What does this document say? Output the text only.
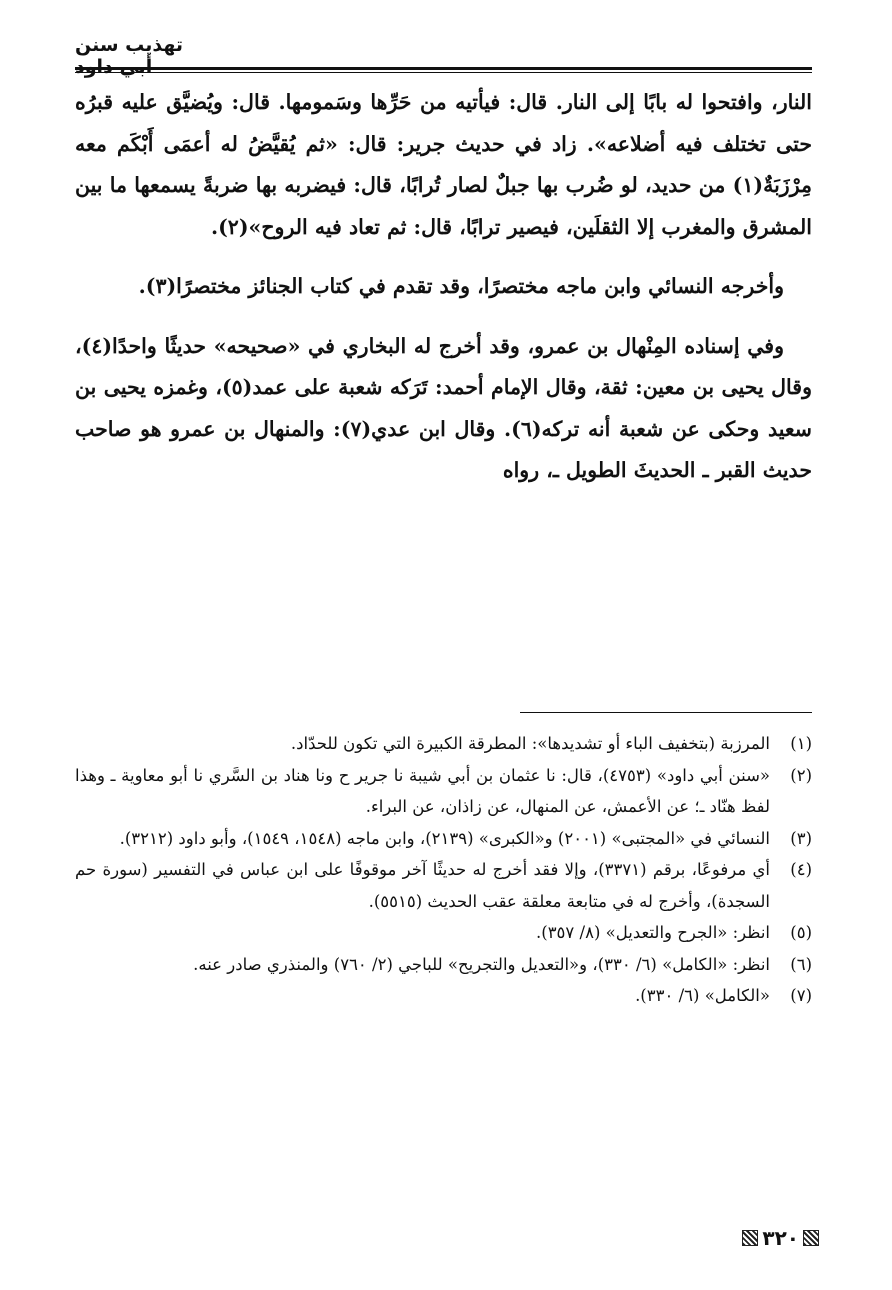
تهذيب سنن

النار، وافتحوا له بابًا إلى النار. قال: فيأتيه من حَرِّها وسَمومها. قال: ويُضيَّق عليه قبرُه حتى تختلف فيه أضلاعه». زاد في حديث جرير: قال: «ثم يُقيَّضُ له أعمَى أَبْكَم معه مِرْزَبَةٌ(١) من حديد، لو ضُرب بها جبلٌ لصار تُرابًا، قال: فيضربه بها ضربةً يسمعها ما بين المشرق والمغرب إلا الثقلَين، فيصير ترابًا، قال: ثم تعاد فيه الروح»(٢).

وأخرجه النسائي وابن ماجه مختصرًا، وقد تقدم في كتاب الجنائز مختصرًا(٣).

وفي إسناده المِنْهال بن عمرو، وقد أخرج له البخاري في «صحيحه» حديثًا واحدًا(٤)، وقال يحيى بن معين: ثقة، وقال الإمام أحمد: تَرَكه شعبة على عمد(٥)، وغمزه يحيى بن سعيد وحكى عن شعبة أنه تركه(٦). وقال ابن عدي(٧): والمنهال بن عمرو هو صاحب حديث القبر ـ الحديثَ الطويل ـ، رواه

(١)
المرزبة (بتخفيف الباء أو تشديدها»: المطرقة الكبيرة التي تكون للحدّاد.
(٢)
«سنن أبي داود» (٤٧٥٣)، قال: نا عثمان بن أبي شيبة نا جرير ح ونا هناد بن السَّري نا أبو معاوية ـ وهذا لفظ هنّاد ـ؛ عن الأعمش، عن المنهال، عن زاذان، عن البراء.
(٣)
النسائي في «المجتبى» (٢٠٠١) و«الكبرى» (٢١٣٩)، وابن ماجه (١٥٤٨، ١٥٤٩)، وأبو داود (٣٢١٢).
(٤)
أي مرفوعًا، برقم (٣٣٧١)، وإلا فقد أخرج له حديثًا آخر موقوفًا على ابن عباس في التفسير (سورة حم السجدة)، وأخرج له في متابعة معلقة عقب الحديث (٥٥١٥).
(٥)
انظر: «الجرح والتعديل» (٨/ ٣٥٧).
(٦)
انظر: «الكامل» (٦/ ٣٣٠)، و«التعديل والتجريح» للباجي (٢/ ٧٦٠) والمنذري صادر عنه.
(٧)
«الكامل» (٦/ ٣٣٠).
٣٢٠
